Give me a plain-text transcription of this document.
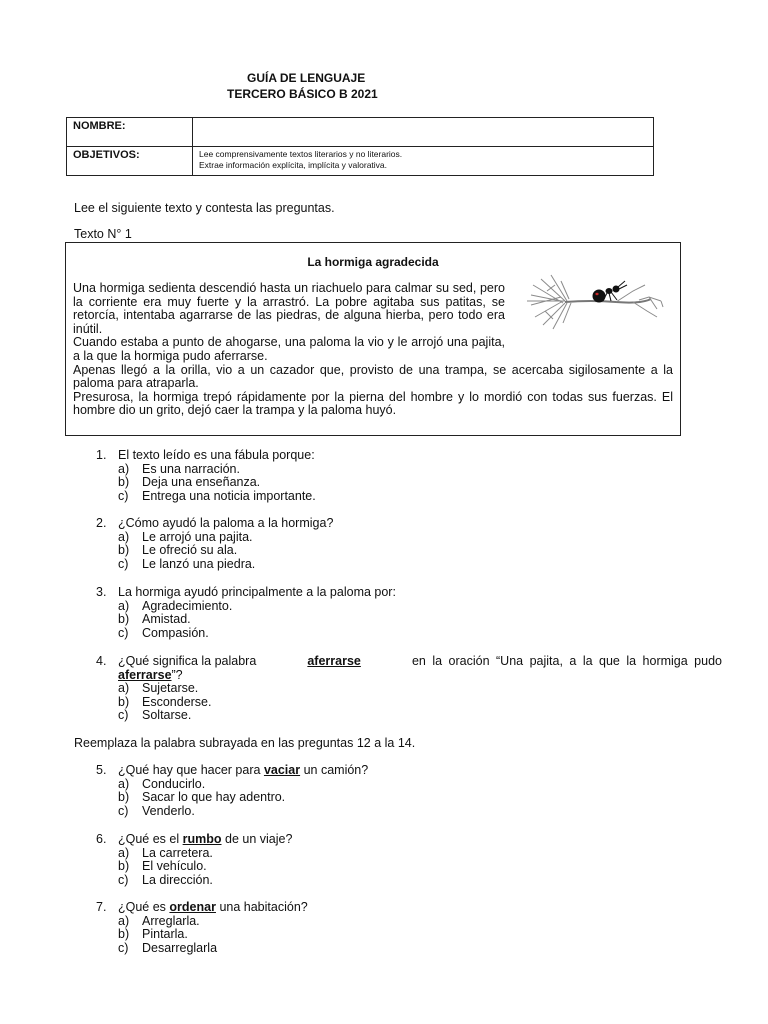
GUÍA DE LENGUAJE
TERCERO BÁSICO B 2021
NOMBRE:	
OBJETIVOS:	Lee comprensivamente textos literarios y no literarios.
Extrae información explícita, implícita y valorativa.
Lee el siguiente texto y contesta las preguntas.
Texto N° 1
La hormiga agradecida

Una hormiga sedienta descendió hasta un riachuelo para calmar su sed, pero la corriente era muy fuerte y la arrastró. La pobre agitaba sus patitas, se retorcía, intentaba agarrarse de las piedras, de alguna hierba, pero todo era inútil.

Cuando estaba a punto de ahogarse, una paloma la vio y le arrojó una pajita, a la que la hormiga pudo aferrarse.

Apenas llegó a la orilla, vio a un cazador que, provisto de una trampa, se acercaba sigilosamente a la paloma para atraparla.

Presurosa, la hormiga trepó rápidamente por la pierna del hombre y lo mordió con todas sus fuerzas. El hombre dio un grito, dejó caer la trampa y la paloma huyó.

1. El texto leído es una fábula porque:
a) Es una narración.
b) Deja una enseñanza.
c) Entrega una noticia importante.
2. ¿Cómo ayudó la paloma a la hormiga?
a) Le arrojó una pajita.
b) Le ofreció su ala.
c) Le lanzó una piedra.
3. La hormiga ayudó principalmente a la paloma por:
a) Agradecimiento.
b) Amistad.
c) Compasión.
4. ¿Qué significa la palabra	aferrarse	en la oración “Una pajita, a la que la hormiga pudo
aferrarse”?
a) Sujetarse.
b) Esconderse.
c) Soltarse.
Reemplaza la palabra subrayada en las preguntas 12 a la 14.
5. ¿Qué hay que hacer para vaciar un camión?
a) Conducirlo.
b) Sacar lo que hay adentro.
c) Venderlo.
6. ¿Qué es el rumbo de un viaje?
a) La carretera.
b) El vehículo.
c) La dirección.
7. ¿Qué es ordenar una habitación?
a) Arreglarla.
b) Pintarla.
c) Desarreglarla
